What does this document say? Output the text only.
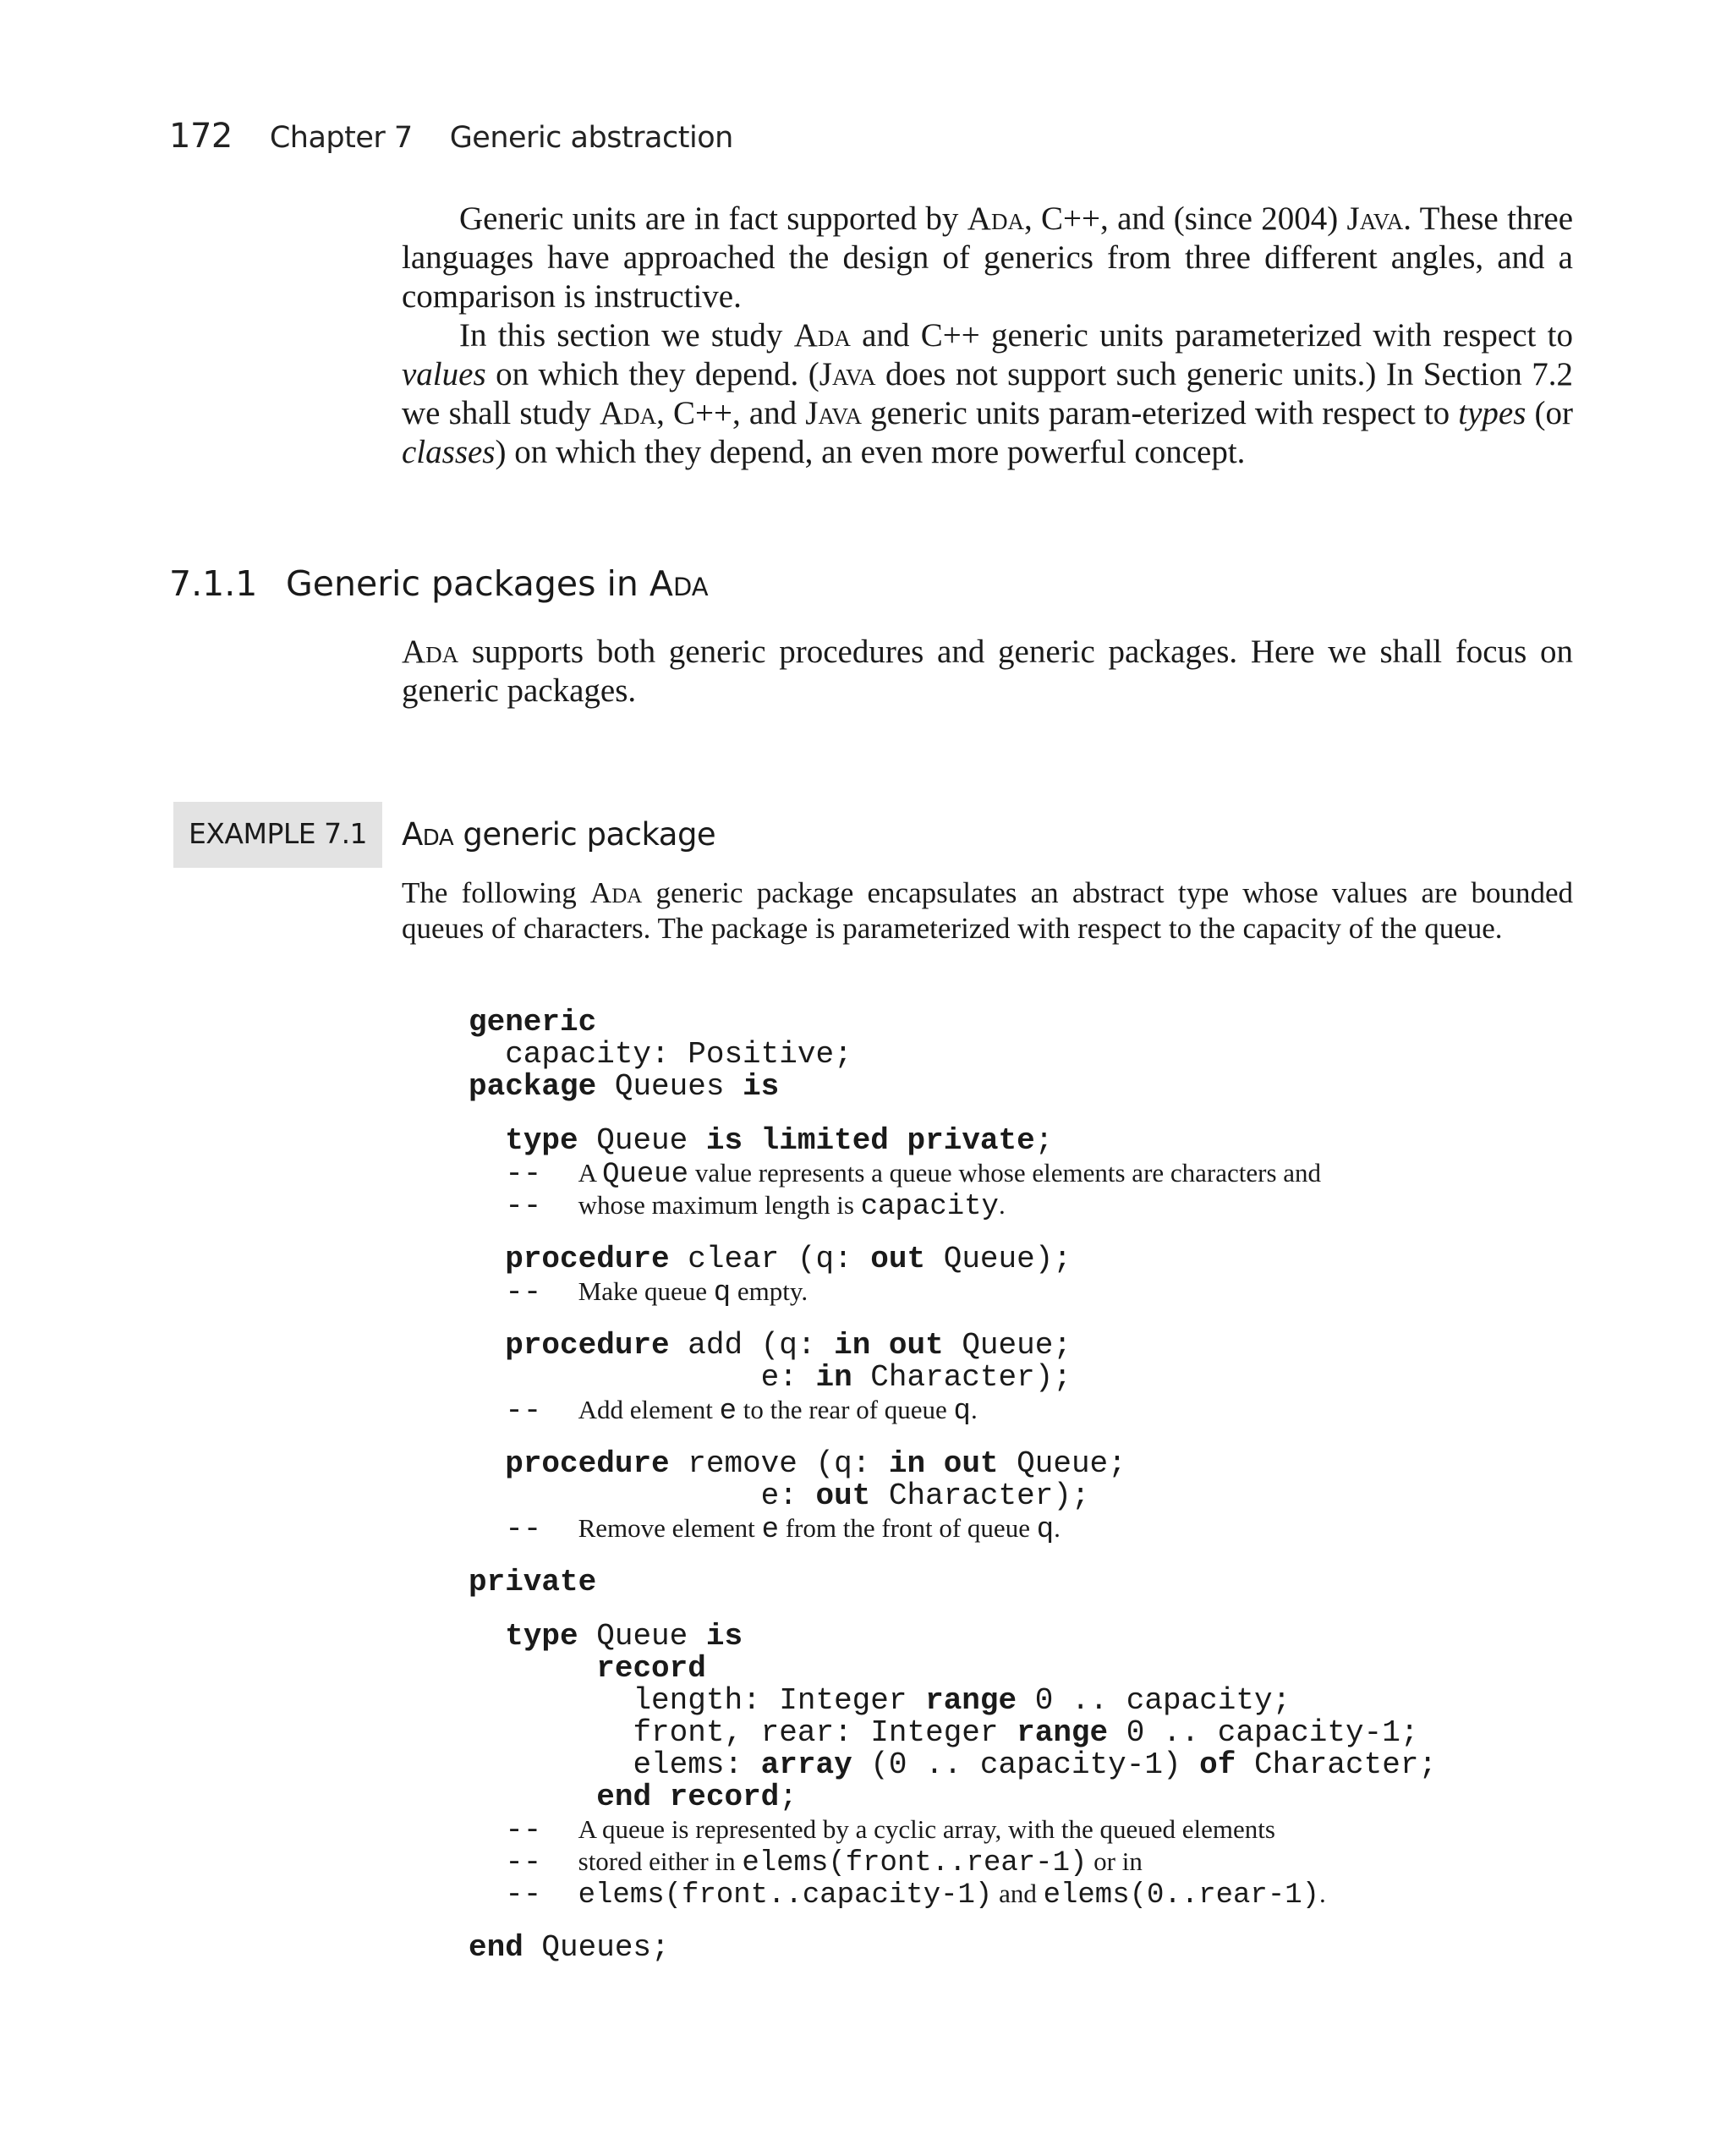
172 Chapter 7 Generic abstraction

Generic units are in fact supported by Ada, C++, and (since 2004) Java. These three languages have approached the design of generics from three different angles, and a comparison is instructive.

In this section we study Ada and C++ generic units parameterized with respect to values on which they depend. (Java does not support such generic units.) In Section 7.2 we shall study Ada, C++, and Java generic units param-eterized with respect to types (or classes) on which they depend, an even more powerful concept.

7.1.1 Generic packages in Ada

Ada supports both generic procedures and generic packages. Here we shall focus on generic packages.

EXAMPLE 7.1	Ada generic package
The following Ada generic package encapsulates an abstract type whose values are bounded queues of characters. The package is parameterized with respect to the capacity of the queue.
generic
capacity: Positive;
package Queues is
type Queue is limited private;
--  A Queue value represents a queue whose elements are characters and
--  whose maximum length is capacity.
procedure clear (q: out Queue);
--  Make queue q empty.
procedure add (q: in out Queue;
e: in Character);
--  Add element e to the rear of queue q.
procedure remove (q: in out Queue;
e: out Character);
--  Remove element e from the front of queue q.
private
type Queue is
record
length: Integer range 0 .. capacity;
front, rear: Integer range 0 .. capacity-1;
elems: array (0 .. capacity-1) of Character;
end record;
--  A queue is represented by a cyclic array, with the queued elements
--  stored either in elems(front..rear-1) or in
--  elems(front..capacity-1) and elems(0..rear-1).
end Queues;
